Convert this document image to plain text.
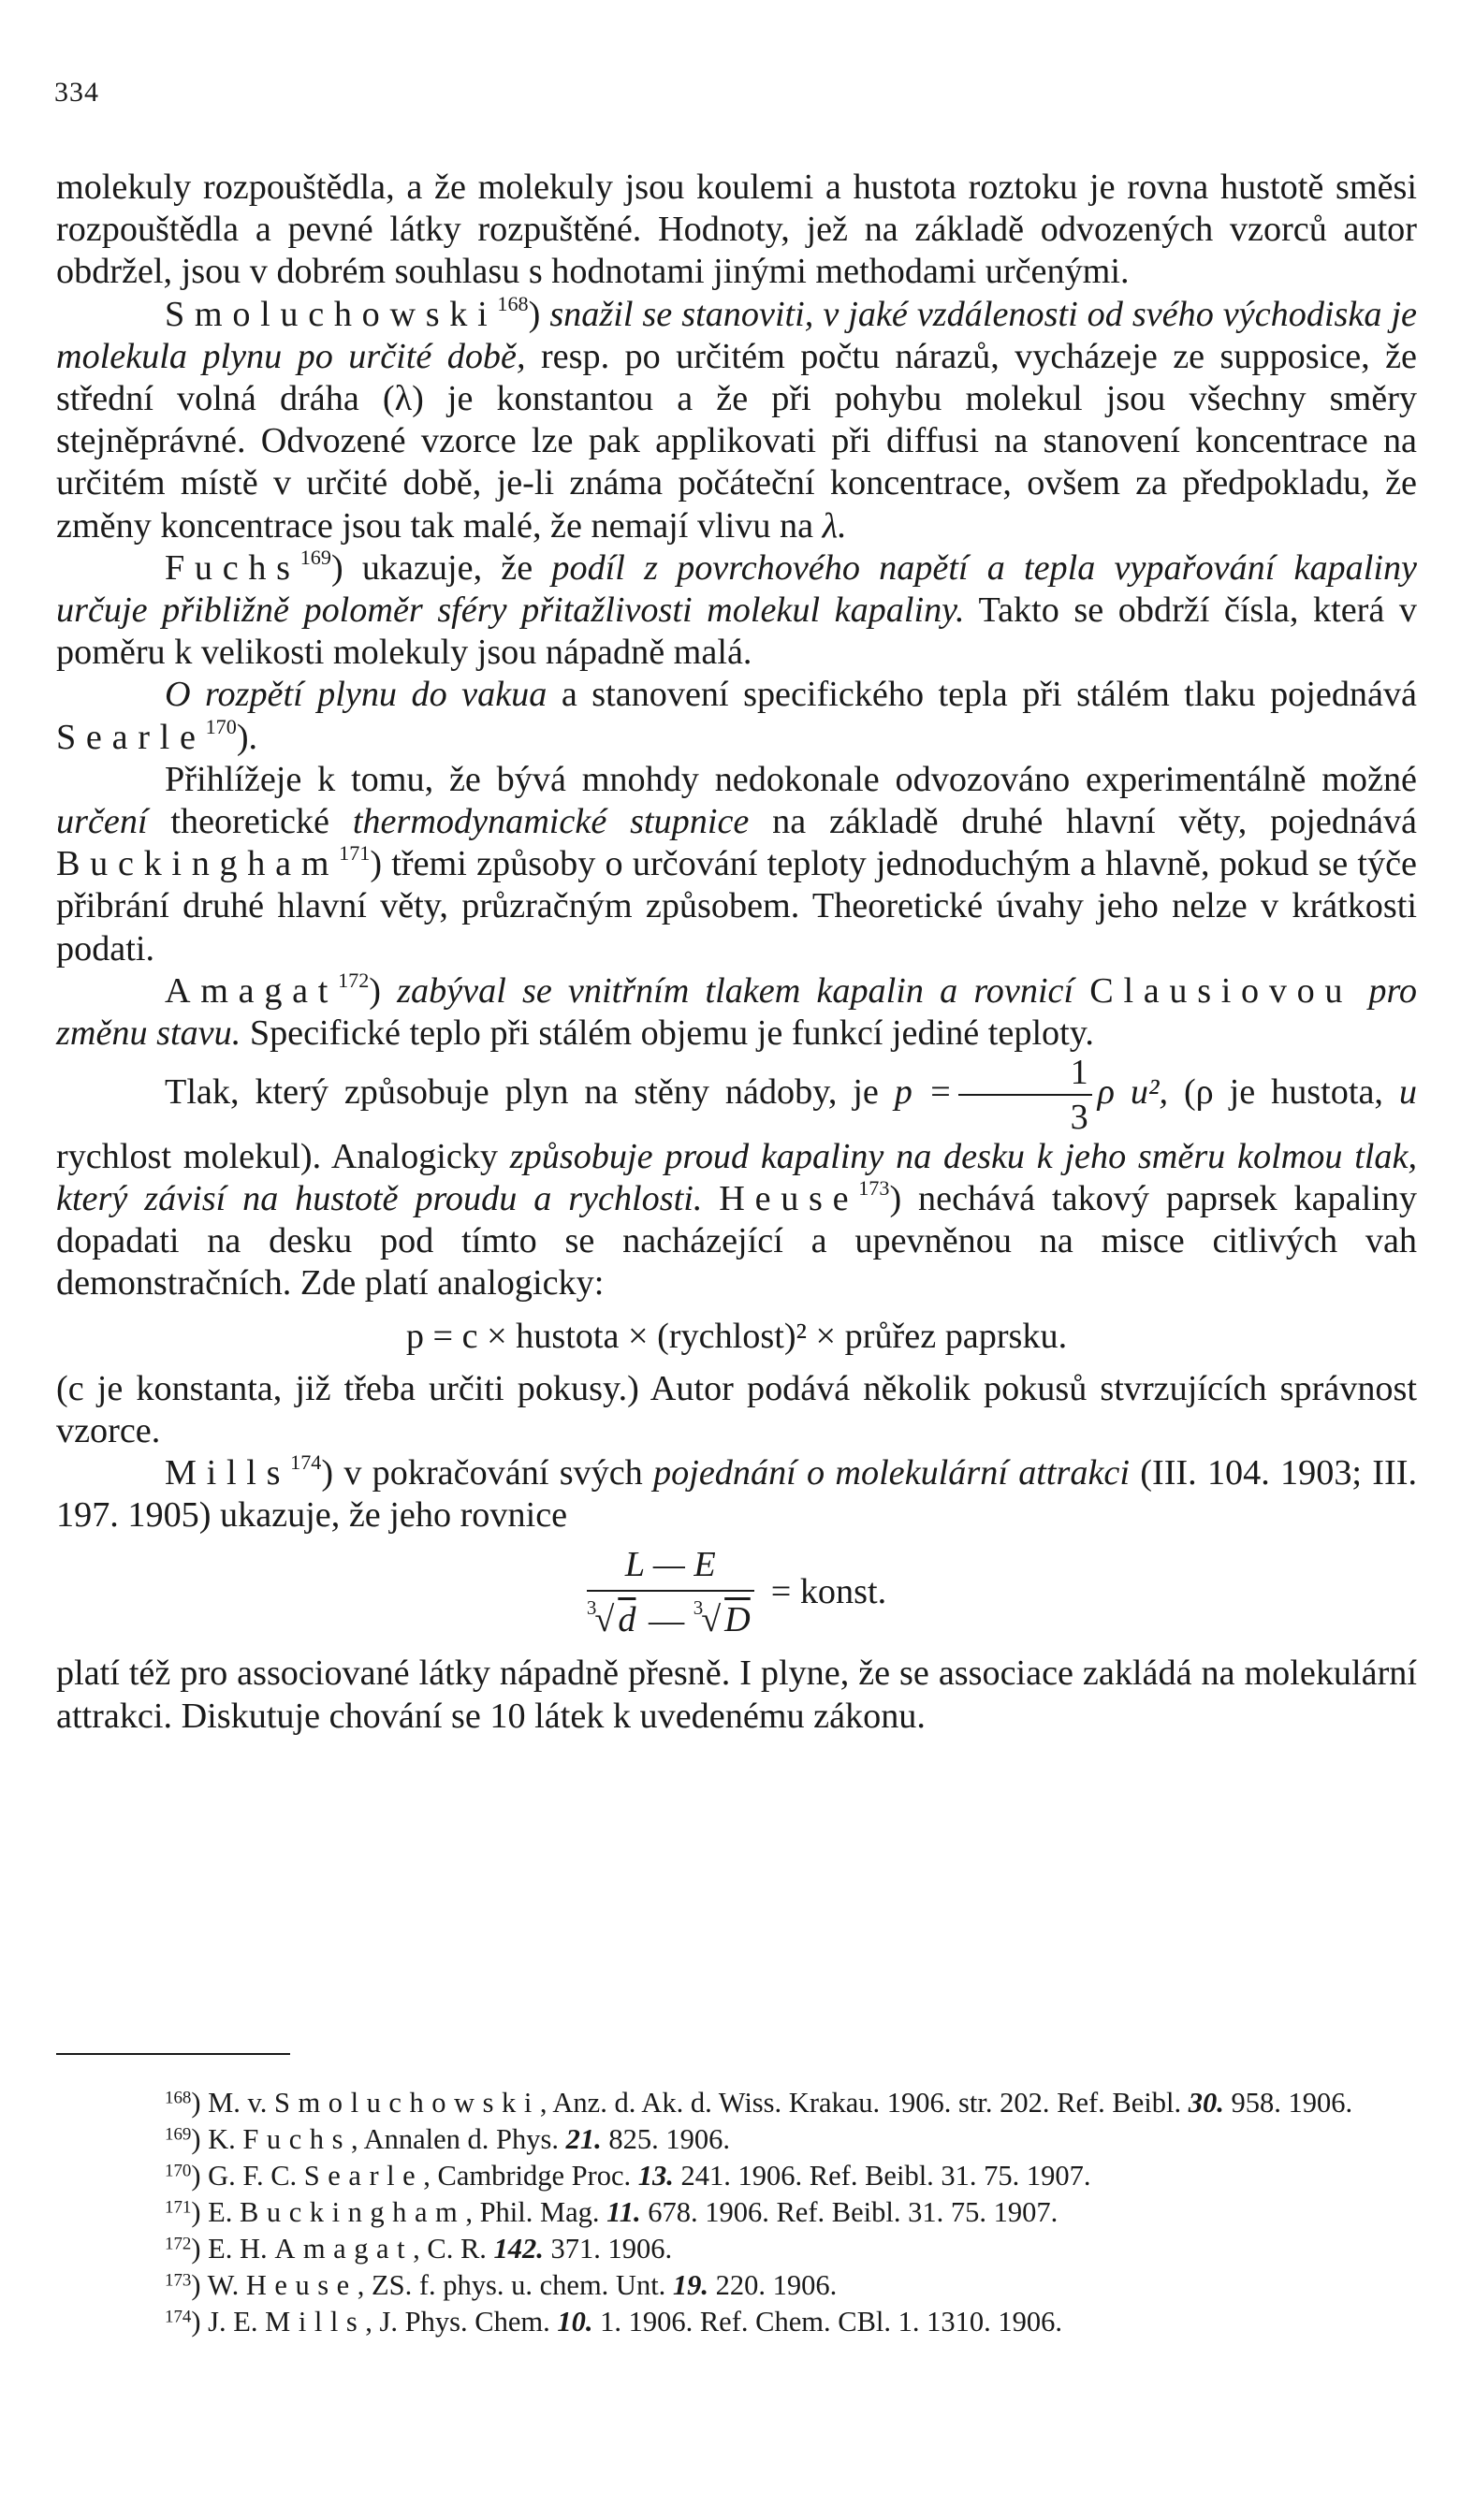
334

molekuly rozpouštědla, a že molekuly jsou koulemi a hustota roztoku je rovna hustotě směsi rozpouštědla a pevné látky rozpuštěné. Hodnoty, jež na základě odvozených vzorců autor obdržel, jsou v dobrém souhlasu s hodnotami jinými methodami určenými.

Smoluchowski$^{168}$) snažil se stanoviti, v jaké vzdálenosti od svého východiska je molekula plynu po určité době, resp. po určitém počtu nárazů, vycházeje ze supposice, že střední volná dráha (λ) je konstantou a že při pohybu molekul jsou všechny směry stejněprávné. Odvozené vzorce lze pak applikovati při diffusi na stanovení koncentrace na určitém místě v určité době, je-li známa počáteční koncentrace, ovšem za předpokladu, že změny koncentrace jsou tak malé, že nemají vlivu na λ.

Fuchs$^{169}$) ukazuje, že podíl z povrchového napětí a tepla vypařování kapaliny určuje přibližně poloměr sféry přitažlivosti molekul kapaliny. Takto se obdrží čísla, která v poměru k velikosti molekuly jsou nápadně malá.

O rozpětí plynu do vakua a stanovení specifického tepla při stálém tlaku pojednává Searle$^{170}$).

Přihlížeje k tomu, že bývá mnohdy nedokonale odvozováno experimentálně možné určení theoretické thermodynamické stupnice na základě druhé hlavní věty, pojednává Buckingham$^{171}$) třemi způsoby o určování teploty jednoduchým a hlavně, pokud se týče přibrání druhé hlavní věty, průzračným způsobem. Theoretické úvahy jeho nelze v krátkosti podati.

Amagat$^{172}$) zabýval se vnitřním tlakem kapalin a rovnicí Clausiovou pro změnu stavu. Specifické teplo při stálém objemu je funkcí jediné teploty.

Tlak, který způsobuje plyn na stěny nádoby, je $p = \frac{1}{3}$ ρ u², (ρ je hustota, u rychlost molekul). Analogicky způsobuje proud kapaliny na desku k jeho směru kolmou tlak, který závisí na hustotě proudu a rychlosti. Heuse$^{173}$) nechává takový paprsek kapaliny dopadati na desku pod tímto se nacházející a upevněnou na misce citlivých vah demonstračních. Zde platí analogicky:

p = c × hustota × (rychlost)² × průřez paprsku.

(c je konstanta, již třeba určiti pokusy.) Autor podává několik pokusů stvrzujících správnost vzorce.

Mills$^{174}$) v pokračování svých pojednání o molekulární attrakci (III. 104. 1903; III. 197. 1905) ukazuje, že jeho rovnice

$\frac{L — E}{^3√ d — ^3√ D}$ = konst.

platí též pro associované látky nápadně přesně. I plyne, že se associace zakládá na molekulární attrakci. Diskutuje chování se 10 látek k uvedenému zákonu.

$^{168}$) M. v. Smoluchowski, Anz. d. Ak. d. Wiss. Krakau. 1906. str. 202. Ref. Beibl. 30. 958. 1906.

$^{169}$) K. Fuchs, Annalen d. Phys. 21. 825. 1906.

$^{170}$) G. F. C. Searle, Cambridge Proc. 13. 241. 1906. Ref. Beibl. 31. 75. 1907.

$^{171}$) E. Buckingham, Phil. Mag. 11. 678. 1906. Ref. Beibl. 31. 75. 1907.

$^{172}$) E. H. Amagat, C. R. 142. 371. 1906.

$^{173}$) W. Heuse, ZS. f. phys. u. chem. Unt. 19. 220. 1906.

$^{174}$) J. E. Mills, J. Phys. Chem. 10. 1. 1906. Ref. Chem. CBl. 1. 1310. 1906.
